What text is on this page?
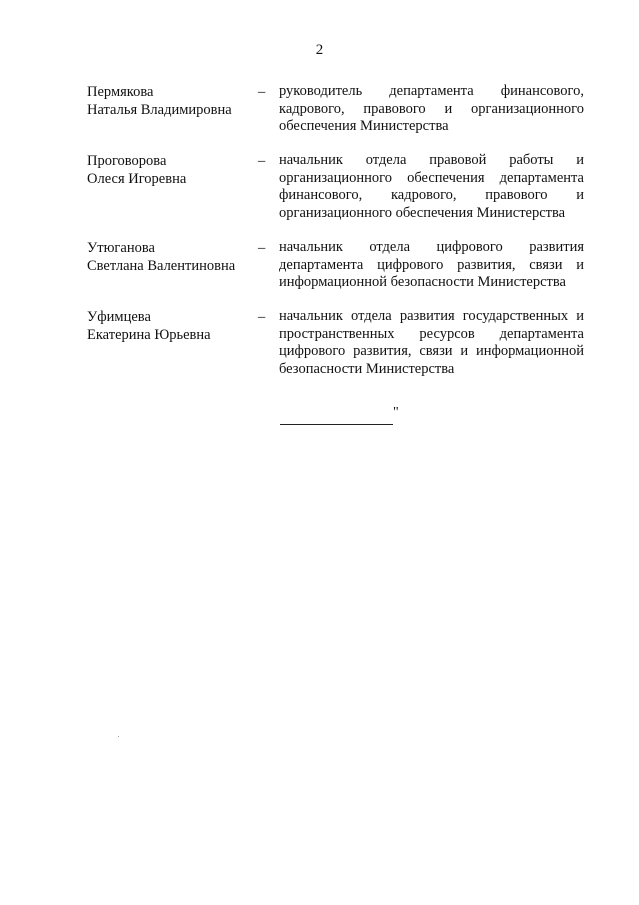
2
Пермякова
Наталья Владимировна
– руководитель департамента финансового, кадрового, правового и организационного обеспечения Министерства
Проговорова
Олеся Игоревна
– начальник отдела правовой работы и организационного обеспечения департамента финансового, кадрового, правового и организационного обеспечения Министерства
Утюганова
Светлана Валентиновна
– начальник отдела цифрового развития департамента цифрового развития, связи и информационной безопасности Министерства
Уфимцева
Екатерина Юрьевна
– начальник отдела развития государственных и пространственных ресурсов департамента цифрового развития, связи и информационной безопасности Министерства
"
